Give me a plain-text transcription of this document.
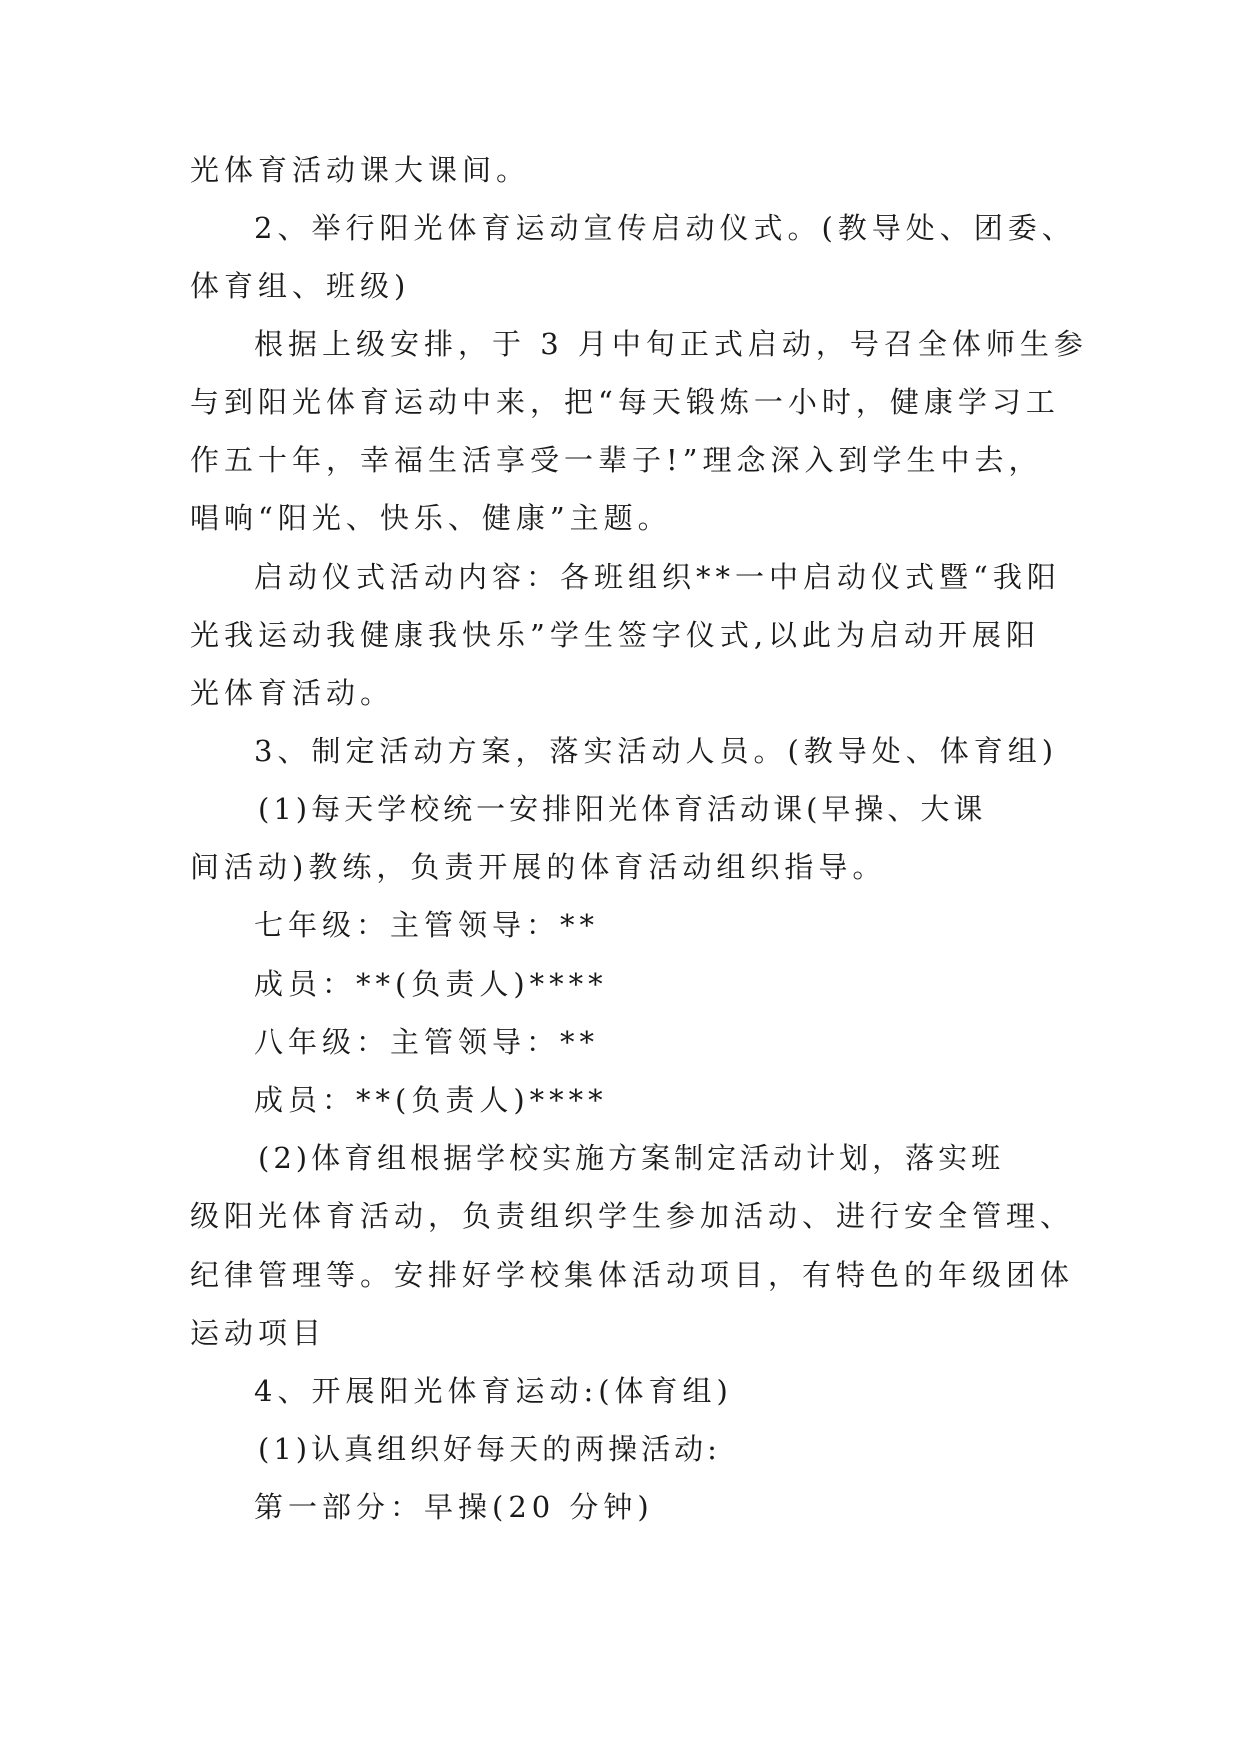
光体育活动课大课间。
2、举行阳光体育运动宣传启动仪式。(教导处、团委、
体育组、班级)
根据上级安排，于 3 月中旬正式启动，号召全体师生参
与到阳光体育运动中来，把“每天锻炼一小时，健康学习工
作五十年，幸福生活享受一辈子!”理念深入到学生中去，
唱响“阳光、快乐、健康”主题。
启动仪式活动内容：各班组织**一中启动仪式暨“我阳
光我运动我健康我快乐”学生签字仪式,以此为启动开展阳
光体育活动。
3、制定活动方案，落实活动人员。(教导处、体育组)
(1)每天学校统一安排阳光体育活动课(早操、大课
间活动)教练，负责开展的体育活动组织指导。
七年级：主管领导：**
成员：**(负责人)****
八年级：主管领导：**
成员：**(负责人)****
(2)体育组根据学校实施方案制定活动计划，落实班
级阳光体育活动，负责组织学生参加活动、进行安全管理、
纪律管理等。安排好学校集体活动项目，有特色的年级团体
运动项目
4、开展阳光体育运动:(体育组)
(1)认真组织好每天的两操活动:
第一部分：早操(20 分钟)
